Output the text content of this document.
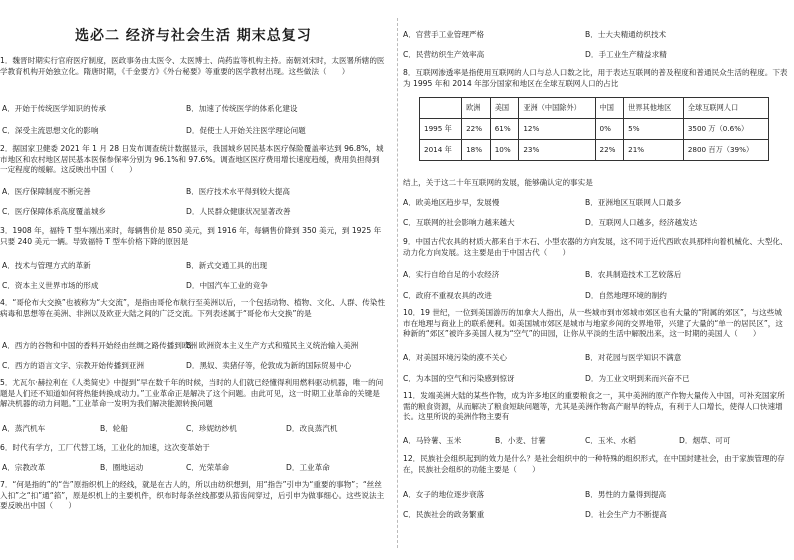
选必二 经济与社会生活 期末总复习

1．魏晋时期实行官府医疗制度，医政事务由太医令、太医博士、尚药监等机构主持。南朝刘宋时，太医署所辖的医学教育机构开始独立化。隋唐时期，《千金要方》《外台秘要》等重要的医学教材出现。这些做法（　　）

A．开始于传统医学知识的传承	B．加速了传统医学的体系化建设
C．深受主流思想文化的影响	D．促使士人开始关注医学理论问题

2．据国家卫健委 2021 年 1 月 28 日发布调查统计数据显示，我国城乡居民基本医疗保险覆盖率达到 96.8%，城市地区和农村地区居民基本医保参保率分别为 96.1%和 97.6%。调查地区医疗费用增长速度趋缓，费用负担得到一定程度的缓解。这反映出中国（　　）

A．医疗保障制度不断完善	B．医疗技术水平得到较大提高
C．医疗保障体系高度覆盖城乡	D．人民群众健康状况显著改善

3．1908 年，福特 T 型车刚出来时，每辆售价是 850 美元，到 1916 年，每辆售价降到 350 美元，到 1925 年只要 240 美元一辆。导致福特 T 型车价格下降的原因是

A．技术与管理方式的革新	B．新式交通工具的出现
C．资本主义世界市场的形成	D．中国汽车工业的竞争

4．“哥伦布大交换”也被称为“大交流”，是指由哥伦布航行至美洲以后，一个包括动物、植物、文化、人群、传染性病毒和思想等在美洲、非洲以及欧亚大陆之间的广泛交流。下列表述属于“哥伦布大交换”的是

A．西方的谷物和中国的香料开始经由丝绸之路传播到欧洲
B．欧洲资本主义生产方式和殖民主义统治输入美洲
C．西方的语言文字、宗教开始传播到亚洲	D．黑奴、卖猪仔等，伦敦成为新的国际贸易中心

5．尤瓦尔·赫拉利在《人类简史》中提到“早在数千年的时候，当时的人们就已经懂得利用燃料驱动机器，唯一的问题是人们还不知道如何将热能转换成动力。”工业革命正是解决了这个问题。由此可见，这一时期工业革命的关键是解决机器的动力问题。”工业革命一发明为我们解决能源转换问题

A．蒸汽机车	B．轮船	C．珍妮纺纱机	D．改良蒸汽机

6．时代有学方，工厂代替工场，工业化的加速，这次变革始于

A．宗教改革	B．圈地运动	C．光荣革命	D．工业革命

7．“何是指的”的“告”原指织机上的经线，就是在古人的，所以由纺织想到，用“指告”引申为“重要的事物”；“丝丝入扣”之“扣”通“筘”，原是织机上的主要机件，织布时每条丝线都要从筘齿间穿过，后引申为做事细心。这些说法主要反映出中国（　　）

A．官营手工业管理严格	B．士大夫精通纺织技术
C．民营纺织生产效率高	D．手工业生产精益求精

8．互联网渗透率是指使用互联网的人口与总人口数之比，用于表达互联网的普及程度和普通民众生活的程度。下表为 1995 年和 2014 年部分国家和地区在全球互联网人口的占比

	欧洲	美国	亚洲（中国除外）	中国	世界其他地区	全球互联网人口
1995 年	22%	61%	12%	0%	5%	3500 万（0.6%）
2014 年	18%	10%	23%	22%	21%	2800 百万（39%）

结上，关于这二十年互联网的发展，能够确认定的事实是

A．欧美地区趋步早，发展慢	B．亚洲地区互联网人口最多
C．互联网的社会影响力越来越大	D．互联网人口越多，经济越发达

9．中国古代农具的材质大都来自于木石、小型农器的方向发展，这不同于近代西欧农具那样向着机械化、大型化、动力化方向发展。这主要是由于中国古代（　　）

A．实行自给自足的小农经济	B．农具制造技术工艺较落后
C．政府不重视农具的改进	D．自然地理环境的制约

10．19 世纪，一位到美国游历的加拿大人指出，从一些城市到市郊城市郊区也有大量的“附属的郊区”，与这些城市在地理与商业上的联系便利。如美国城市郊区是城市与地家乡间的交界地带，兴建了大量的“单一的居民区”，这种新的“郊区”被许多美国人视为“空气”的田园，让你从平淡的生活中解脱出来，这一时期的美国人（　　）

A．对美国环境污染的漠不关心	B．对花园与医学知识不满意
C．为本国的空气和污染感到惊讶	D．为工业文明到来而兴奋不已

11．发端美洲大陆的某些作物，成为许多地区的重要粮食之一，其中美洲的原产作物大量传入中国，可补充国家所需的粮食资源，从而解决了粮食短缺问题等，尤其是美洲作物高产耐旱的特点，有利于人口增长，使得人口快速增长。这里所说的美洲作物主要有

A．马铃薯、玉米	B．小麦、甘薯	C．玉米、水稻	D．烟草、可可

12．民族社会组织起到的效力是什么？是社会组织中的一种特殊的组织形式，在中国封建社会，由于家族管理的存在，民族社会组织的功能主要是（　　）

A．女子的地位逐步衰落	B．男性的力量得到提高
C．民族社会的政务繁重	D．社会生产力不断提高
